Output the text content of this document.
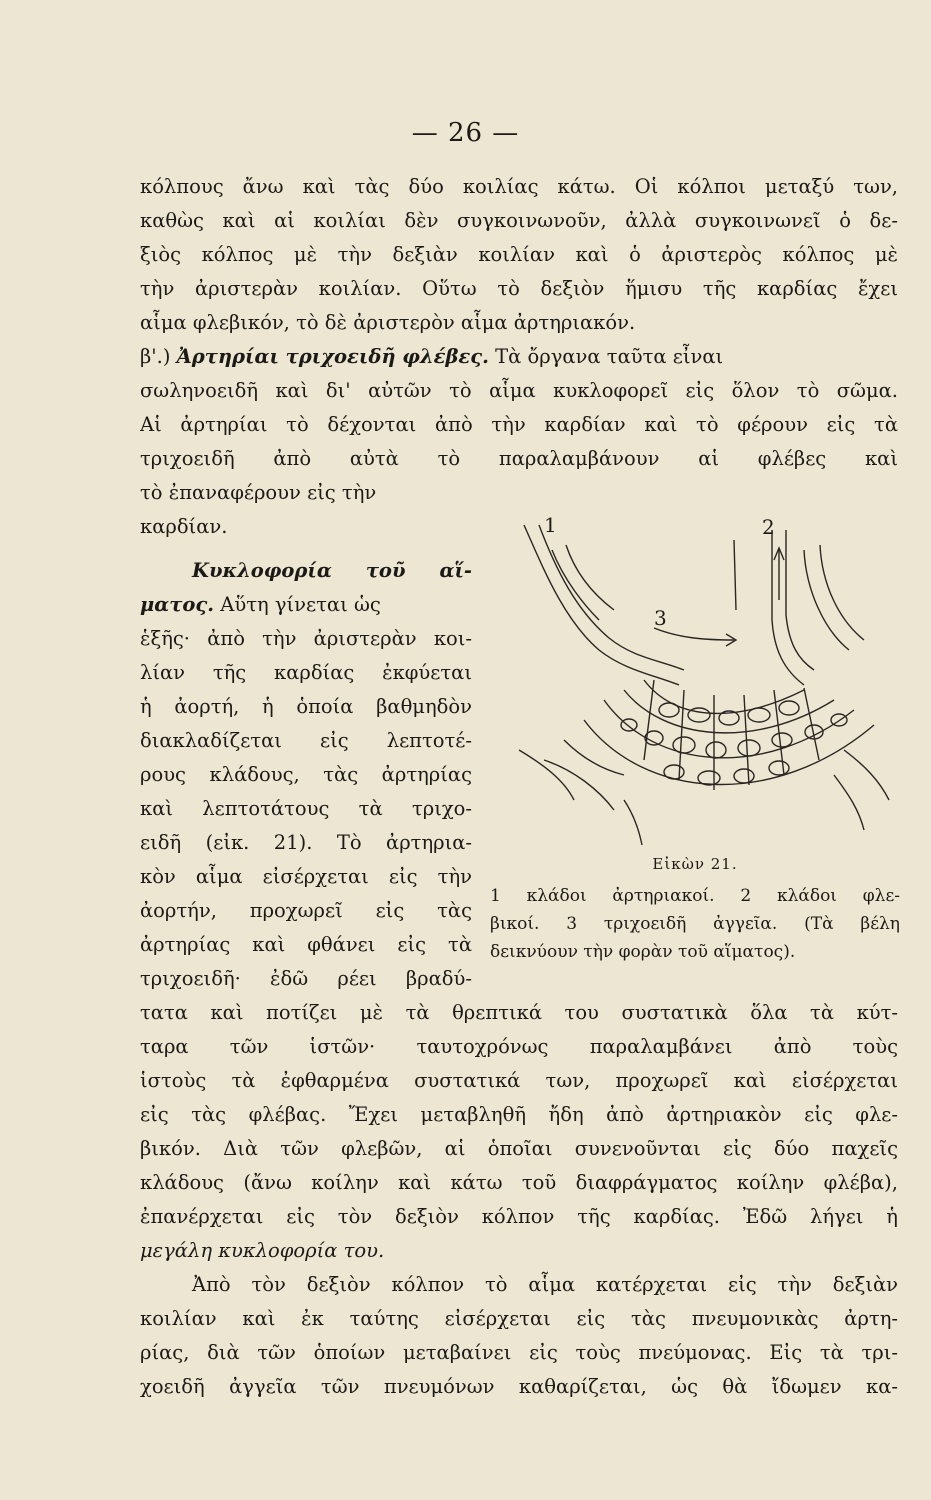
— 26 —
κόλπους ἄνω καὶ τὰς δύο κοιλίας κάτω. Οἱ κόλποι μεταξύ των,
καθὼς καὶ αἱ κοιλίαι δὲν συγκοινωνοῦν, ἀλλὰ συγκοινωνεῖ ὁ δε-
ξιὸς κόλπος μὲ τὴν δεξιὰν κοιλίαν καὶ ὁ ἀριστερὸς κόλπος μὲ
τὴν ἀριστερὰν κοιλίαν. Οὕτω τὸ δεξιὸν ἥμισυ τῆς καρδίας ἔχει
αἷμα φλεβικόν, τὸ δὲ ἀριστερὸν αἷμα ἀρτηριακόν.
β'.) Ἀρτηρίαι τριχοειδῆ φλέβες. Τὰ ὄργανα ταῦτα εἶναι
σωληνοειδῆ καὶ δι' αὐτῶν τὸ αἷμα κυκλοφορεῖ εἰς ὅλον τὸ σῶμα.
Αἱ ἀρτηρίαι τὸ δέχονται ἀπὸ τὴν καρδίαν καὶ τὸ φέρουν εἰς τὰ
τριχοειδῆ ἀπὸ αὐτὰ τὸ παραλαμβάνουν αἱ φλέβες καὶ
τὸ ἐπαναφέρουν εἰς τὴν
καρδίαν.
Κυκλοφορία τοῦ αἵ-
ματος. Αὕτη γίνεται ὡς
ἑξῆς· ἀπὸ τὴν ἀριστερὰν κοι-
λίαν τῆς καρδίας ἐκφύεται
ἡ ἀορτή, ἡ ὁποία βαθμηδὸν
διακλαδίζεται εἰς λεπτοτέ-
ρους κλάδους, τὰς ἀρτηρίας
καὶ λεπτοτάτους τὰ τριχο-
ειδῆ (εἰκ. 21). Τὸ ἀρτηρια-
κὸν αἷμα εἰσέρχεται εἰς τὴν
ἀορτήν, προχωρεῖ εἰς τὰς
ἀρτηρίας καὶ φθάνει εἰς τὰ
τριχοειδῆ· ἐδῶ ρέει βραδύ-
1	2
3
Εἰκὼν 21.
1 κλάδοι ἀρτηριακοί. 2 κλάδοι φλε-
βικοί. 3 τριχοειδῆ ἀγγεῖα. (Τὰ βέλη
δεικνύουν τὴν φορὰν τοῦ αἵματος).
τατα καὶ ποτίζει μὲ τὰ θρεπτικά του συστατικὰ ὅλα τὰ κύτ-
ταρα τῶν ἱστῶν· ταυτοχρόνως παραλαμβάνει ἀπὸ τοὺς
ἱστοὺς τὰ ἐφθαρμένα συστατικά των, προχωρεῖ καὶ εἰσέρχεται
εἰς τὰς φλέβας. Ἔχει μεταβληθῆ ἤδη ἀπὸ ἀρτηριακὸν εἰς φλε-
βικόν. Διὰ τῶν φλεβῶν, αἱ ὁποῖαι συνενοῦνται εἰς δύο παχεῖς
κλάδους (ἄνω κοίλην καὶ κάτω τοῦ διαφράγματος κοίλην φλέβα),
ἐπανέρχεται εἰς τὸν δεξιὸν κόλπον τῆς καρδίας. Ἐδῶ λήγει ἡ
μεγάλη κυκλοφορία του.
Ἀπὸ τὸν δεξιὸν κόλπον τὸ αἷμα κατέρχεται εἰς τὴν δεξιὰν
κοιλίαν καὶ ἐκ ταύτης εἰσέρχεται εἰς τὰς πνευμονικὰς ἀρτη-
ρίας, διὰ τῶν ὁποίων μεταβαίνει εἰς τοὺς πνεύμονας. Εἰς τὰ τρι-
χοειδῆ ἀγγεῖα τῶν πνευμόνων καθαρίζεται, ὡς θὰ ἴδωμεν κα-
